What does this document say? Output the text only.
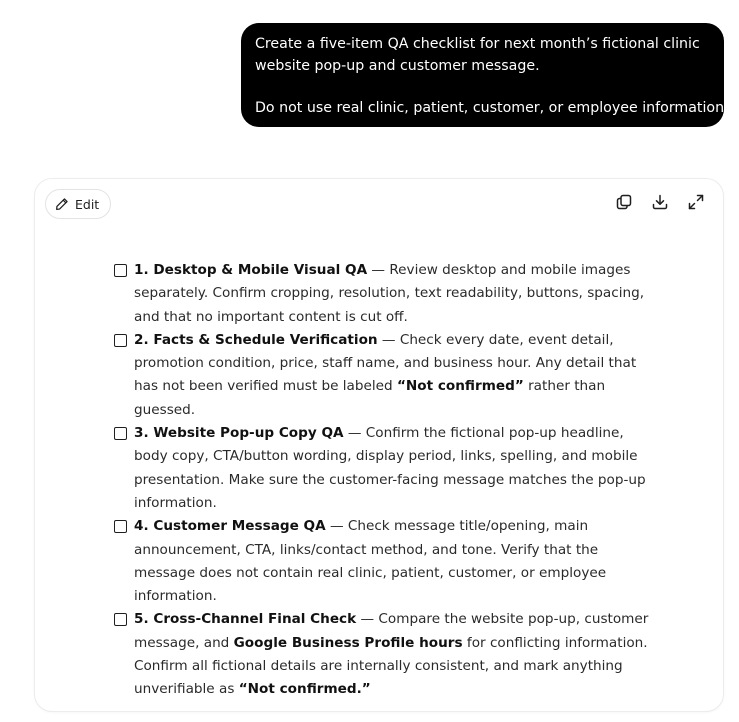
Create a five-item QA checklist for next month’s fictional clinic

website pop-up and customer message.

Do not use real clinic, patient, customer, or employee information.

Edit
1. Desktop & Mobile Visual QA — Review desktop and mobile images separately. Confirm cropping, resolution, text readability, buttons, spacing, and that no important content is cut off.
2. Facts & Schedule Verification — Check every date, event detail, promotion condition, price, staff name, and business hour. Any detail that has not been verified must be labeled “Not confirmed” rather than guessed.
3. Website Pop-up Copy QA — Confirm the fictional pop-up headline, body copy, CTA/button wording, display period, links, spelling, and mobile presentation. Make sure the customer-facing message matches the pop-up information.
4. Customer Message QA — Check message title/opening, main announcement, CTA, links/contact method, and tone. Verify that the message does not contain real clinic, patient, customer, or employee information.
5. Cross-Channel Final Check — Compare the website pop-up, customer message, and Google Business Profile hours for conflicting information. Confirm all fictional details are internally consistent, and mark anything unverifiable as “Not confirmed.”
